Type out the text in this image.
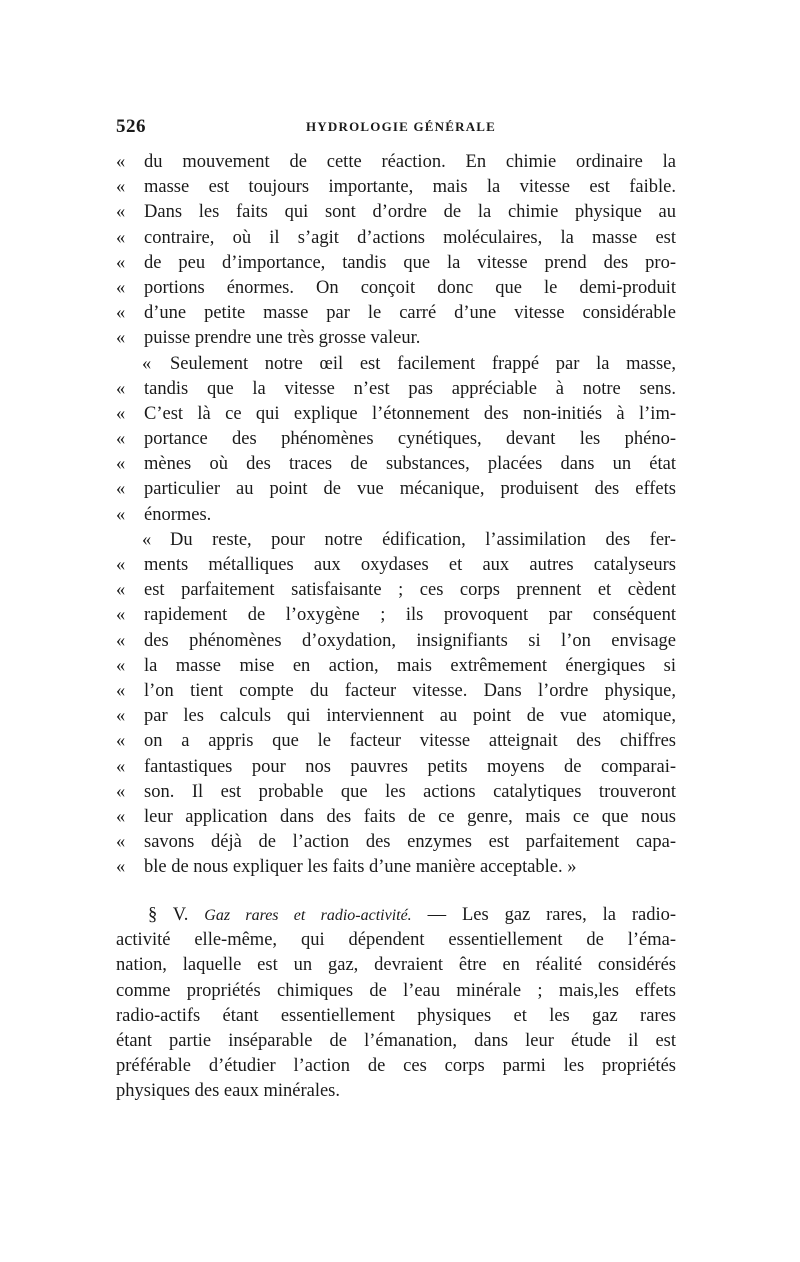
526	HYDROLOGIE GÉNÉRALE
«	du mouvement de cette réaction. En chimie ordinaire la
«	masse est toujours importante, mais la vitesse est faible.
«	Dans les faits qui sont d’ordre de la chimie physique au
«	contraire, où il s’agit d’actions moléculaires, la masse est
«	de peu d’importance, tandis que la vitesse prend des pro-
«	portions énormes. On conçoit donc que le demi-produit
«	d’une petite masse par le carré d’une vitesse considérable
«	puisse prendre une très grosse valeur.
«	Seulement notre œil est facilement frappé par la masse,
«	tandis que la vitesse n’est pas appréciable à notre sens.
«	C’est là ce qui explique l’étonnement des non-initiés à l’im-
«	portance des phénomènes cynétiques, devant les phéno-
«	mènes où des traces de substances, placées dans un état
«	particulier au point de vue mécanique, produisent des effets
«	énormes.
«	Du reste, pour notre édification, l’assimilation des fer-
«	ments métalliques aux oxydases et aux autres catalyseurs
«	est parfaitement satisfaisante ; ces corps prennent et cèdent
«	rapidement de l’oxygène ; ils provoquent par conséquent
«	des phénomènes d’oxydation, insignifiants si l’on envisage
«	la masse mise en action, mais extrêmement énergiques si
«	l’on tient compte du facteur vitesse. Dans l’ordre physique,
«	par les calculs qui interviennent au point de vue atomique,
«	on a appris que le facteur vitesse atteignait des chiffres
«	fantastiques pour nos pauvres petits moyens de comparai-
«	son. Il est probable que les actions catalytiques trouveront
«	leur application dans des faits de ce genre, mais ce que nous
«	savons déjà de l’action des enzymes est parfaitement capa-
«	ble de nous expliquer les faits d’une manière acceptable. »
§ V. Gaz rares et radio-activité. — Les gaz rares, la radio-
activité elle-même, qui dépendent essentiellement de l’éma-
nation, laquelle est un gaz, devraient être en réalité considérés
comme propriétés chimiques de l’eau minérale ; mais,les effets
radio-actifs étant essentiellement physiques et les gaz rares
étant partie inséparable de l’émanation, dans leur étude il est
préférable d’étudier l’action de ces corps parmi les propriétés
physiques des eaux minérales.
